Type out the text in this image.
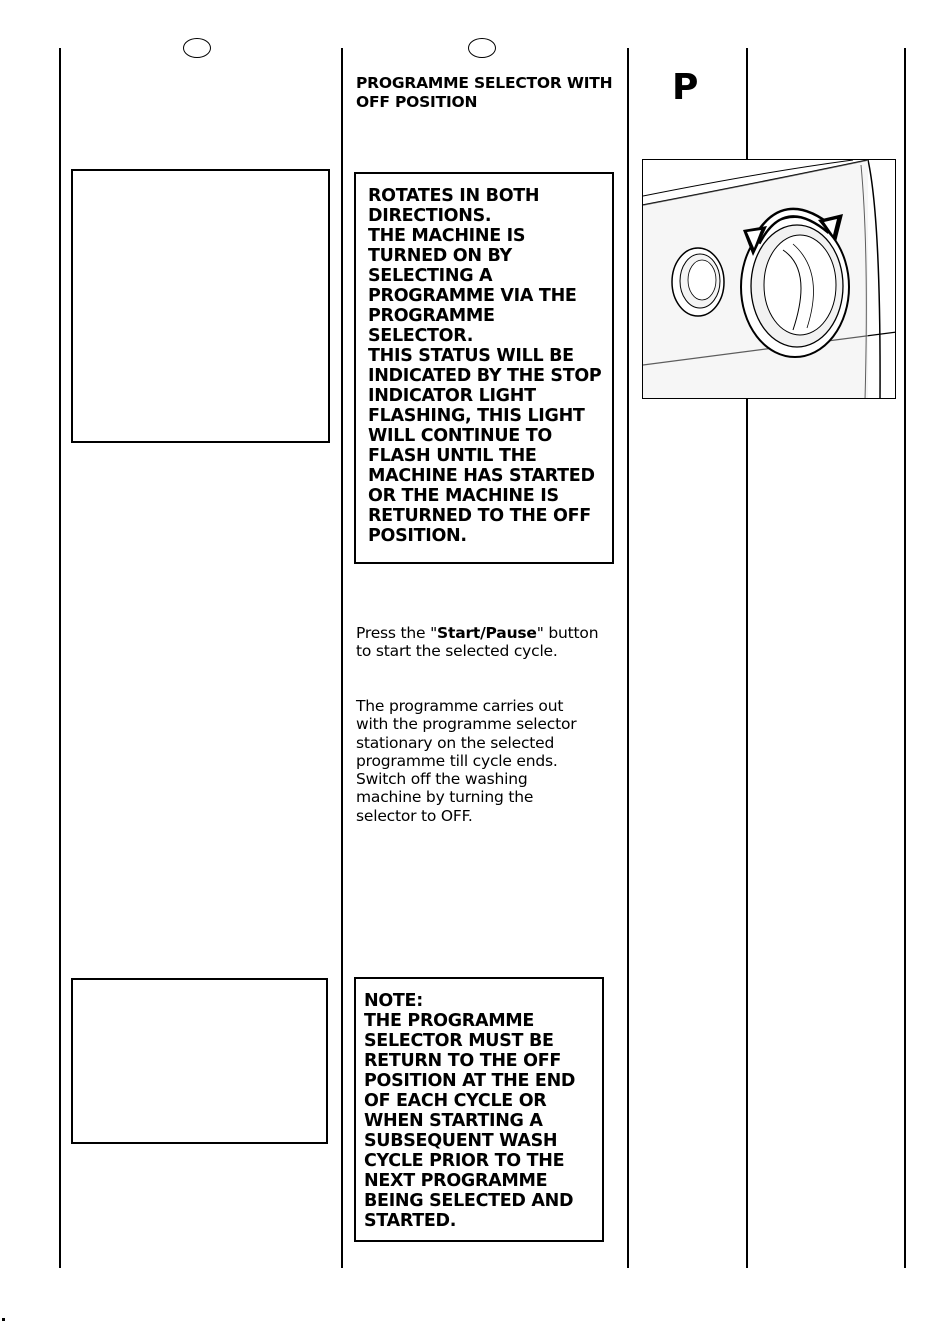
PROGRAMME SELECTOR WITH OFF POSITION
ROTATES IN BOTH
DIRECTIONS.
THE MACHINE IS
TURNED ON BY
SELECTING A
PROGRAMME VIA THE
PROGRAMME
SELECTOR.
THIS STATUS WILL BE
INDICATED BY THE STOP
INDICATOR LIGHT
FLASHING, THIS LIGHT
WILL CONTINUE TO
FLASH UNTIL THE
MACHINE HAS STARTED
OR THE MACHINE IS
RETURNED TO THE OFF
POSITION.

Press the "Start/Pause" button to start the selected cycle.

The programme carries out with the programme selector stationary on the selected programme till cycle ends.

Switch off the washing machine by turning the selector to OFF.

NOTE:
THE PROGRAMME
SELECTOR MUST BE
RETURN TO THE OFF
POSITION AT THE END
OF EACH CYCLE OR
WHEN STARTING A
SUBSEQUENT WASH
CYCLE PRIOR TO THE
NEXT PROGRAMME
BEING SELECTED AND
STARTED.
P
